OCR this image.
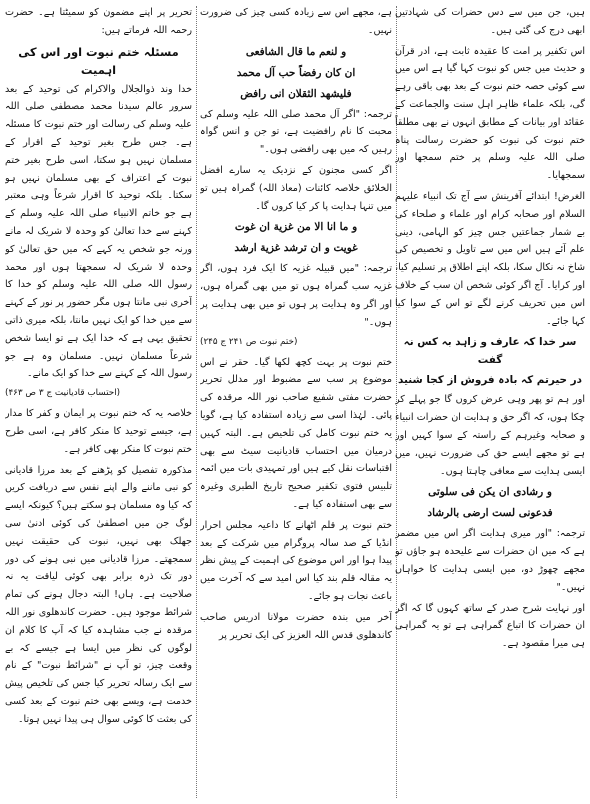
ہیں، جن میں سے دس حضرات کی شہادتیں ابھی درج کی گئی ہیں۔

اس تکفیر پر امت کا عقیدہ ثابت ہے، ادر قرآن و حدیث میں جس کو نبوت کہا گیا ہے اس میں سے کوئی حصہ ختم نبوت کے بعد بھی باقی رہے گی، بلکہ علماء ظاہر اہل سنت والجماعت کے عقائد اور بیانات کے مطابق انہوں نے بھی مطلقاً ختم نبوت کی نبوت کو حضرت رسالت پناہ صلی اللہ علیہ وسلم پر ختم سمجھا اور سمجھایا۔

الغرض! ابتدائے آفرینش سے آج تک انبیاء علیہم السلام اور صحابہ کرام اور علماء و صلحاء کی بے شمار جماعتیں جس چیز کو الہامی، دینی علم آئے ہیں اس میں سے تاویل و تخصیص کی شاخ نہ نکال سکا، بلکہ اپنے اطلاق پر تسلیم کیا، اور کرایا۔ آج اگر کوئی شخص ان سب کے خلاف اس میں تحریف کرنے لگے تو اس کے سوا کیا کہا جائے۔

سر خدا کہ عارف و زاہد بہ کس نہ گفت
در حیرتم کہ بادہ فروش از کجا شنید

اور ہم تو پھر وہی عرض کروں گا جو پہلے کر چکا ہوں، کہ اگر حق و ہدایت ان حضرات انبیاء و صحابہ وغیرہم کے راستہ کے سوا کہیں اور ہے تو مجھے ایسے حق کی ضرورت نہیں، میں ایسی ہدایت سے معافی چاہتا ہوں۔

و رشادی ان یکن فی سلوتی
فدعونی لست ارضی بالرشاد

ترجمہ: "اور میری ہدایت اگر اس میں مضمر ہے کہ میں ان حضرات سے علیحدہ ہو جاؤں تو مجھے چھوڑ دو، میں ایسی ہدایت کا خواہاں نہیں۔"

اور نہایت شرح صدر کے ساتھ کہوں گا کہ اگر ان حضرات کا اتباع گمراہی ہے تو یہ گمراہی ہی میرا مقصود ہے۔

ہے، مجھے اس سے زیادہ کسی چیز کی ضرورت نہیں۔

و لنعم ما قال الشافعی
ان کان رفضاً حب آل محمد
فلیشهد الثقلان انی رافض

ترجمہ: "اگر آل محمد صلی اللہ علیہ وسلم کی محبت کا نام رافضیت ہے، تو جن و انس گواہ رہیں کہ میں بھی رافضی ہوں۔"

اگر کسی مجنون کے نزدیک یہ سارے افضل الخلائق خلاصہ کائنات (معاذ اللہ) گمراہ ہیں تو میں تنہا ہدایت پا کر کیا کروں گا۔

و ما انا الا من غزیة ان غوت
غویت و ان ترشد غزیة ارشد

ترجمہ: "میں قبیلہ غزیہ کا ایک فرد ہوں، اگر غزیہ سب گمراہ ہوں تو میں بھی گمراہ ہوں، اور اگر وہ ہدایت پر ہوں تو میں بھی ہدایت پر ہوں۔"

(ختم نبوت ص ۲۴۱ ج ۲۴۵)

ختم نبوت پر بہت کچھ لکھا گیا۔ حقر نے اس موضوع پر سب سے مضبوط اور مدلل تحریر حضرت مفتی شفیع صاحب نور اللہ مرقدہ کی پائی۔ لہٰذا اسی سے زیادہ استفادہ کیا ہے، گویا یہ ختم نبوت کامل کی تلخیص ہے۔ البتہ کہیں درمیان میں احتساب قادیانیت سیٹ سے بھی اقتباسات نقل کیے ہیں اور تمہیدی بات میں ائمہ تلبیس فتوی تکفیر صحیح تاریخ الطبری وغیرہ سے بھی استفادہ کیا ہے۔

ختم نبوت پر قلم اٹھانے کا داعیہ مجلس احرار انڈیا کے صد سالہ پروگرام میں شرکت کے بعد پیدا ہوا اور اس موضوع کی اہمیت کے پیش نظر یہ مقالہ قلم بند کیا اس امید سے کہ آخرت میں باعث نجات ہو جائے۔

آخر میں بندہ حضرت مولانا ادریس صاحب کاندھلوی قدس اللہ العزیز کی ایک تحریر پر

تحریر پر اپنے مضمون کو سمیٹتا ہے۔ حضرت رحمہ اللہ فرماتے ہیں:

مسئلہ ختم نبوت اور اس کی اہمیت

خدا وند ذوالجلال والاکرام کی توحید کے بعد سرور عالم سیدنا محمد مصطفی صلی اللہ علیہ وسلم کی رسالت اور ختم نبوت کا مسئلہ ہے۔ جس طرح بغیر توحید کے اقرار کے مسلمان نہیں ہو سکتا، اسی طرح بغیر ختم نبوت کے اعتراف کے بھی مسلمان نہیں ہو سکتا۔ بلکہ توحید کا اقرار شرعاً وہی معتبر ہے جو خاتم الانبیاء صلی اللہ علیہ وسلم کے کہنے سے خدا تعالیٰ کو وحدہ لا شریک لہ مانے ورنہ جو شخص یہ کہے کہ میں حق تعالیٰ کو وحدہ لا شریک لہ سمجھتا ہوں اور محمد رسول اللہ صلی اللہ علیہ وسلم کو خدا کا آخری نبی مانتا ہوں مگر حضور پر نور کے کہنے سے میں خدا کو ایک نہیں مانتا، بلکہ میری ذاتی تحقیق یہی ہے کہ خدا ایک ہے تو ایسا شخص شرعاً مسلمان نہیں۔ مسلمان وہ ہے جو رسول اللہ کے کہنے سے خدا کو ایک مانے۔

(احتساب قادیانیت ج ۳ ص ۴۶۳)

خلاصہ یہ کہ ختم نبوت پر ایمان و کفر کا مدار ہے، جیسے توحید کا منکر کافر ہے، اسی طرح ختم نبوت کا منکر بھی کافر ہے۔

مذکورہ تفصیل کو پڑھنے کے بعد مرزا قادیانی کو نبی ماننے والے اپنے نفس سے دریافت کریں کہ کیا وہ مسلمان ہو سکتے ہیں؟ کیونکہ ایسے لوگ جن میں اصطفیٰ کی کوئی ادنیٰ سی جھلک بھی نہیں، نبوت کی حقیقت نہیں سمجھتے۔ مرزا قادیانی میں نبی ہونے کی دور دور تک ذرہ برابر بھی کوئی لیاقت یہ نہ صلاحیت ہے۔ ہاں! البتہ دجال ہونے کی تمام شرائط موجود ہیں۔ حضرت کاندھلوی نور اللہ مرقدہ نے جب مشاہدہ کیا کہ آپ کا کلام ان لوگوں کی نظر میں ایسا ہے جیسے کہ بے وقعت چیز، تو آپ نے "شرائط نبوت" کے نام سے ایک رسالہ تحریر کیا جس کی تلخیص پیش خدمت ہے، ویسے بھی ختم نبوت کے بعد کسی کی بعثت کا کوئی سوال ہی پیدا نہیں ہوتا۔
